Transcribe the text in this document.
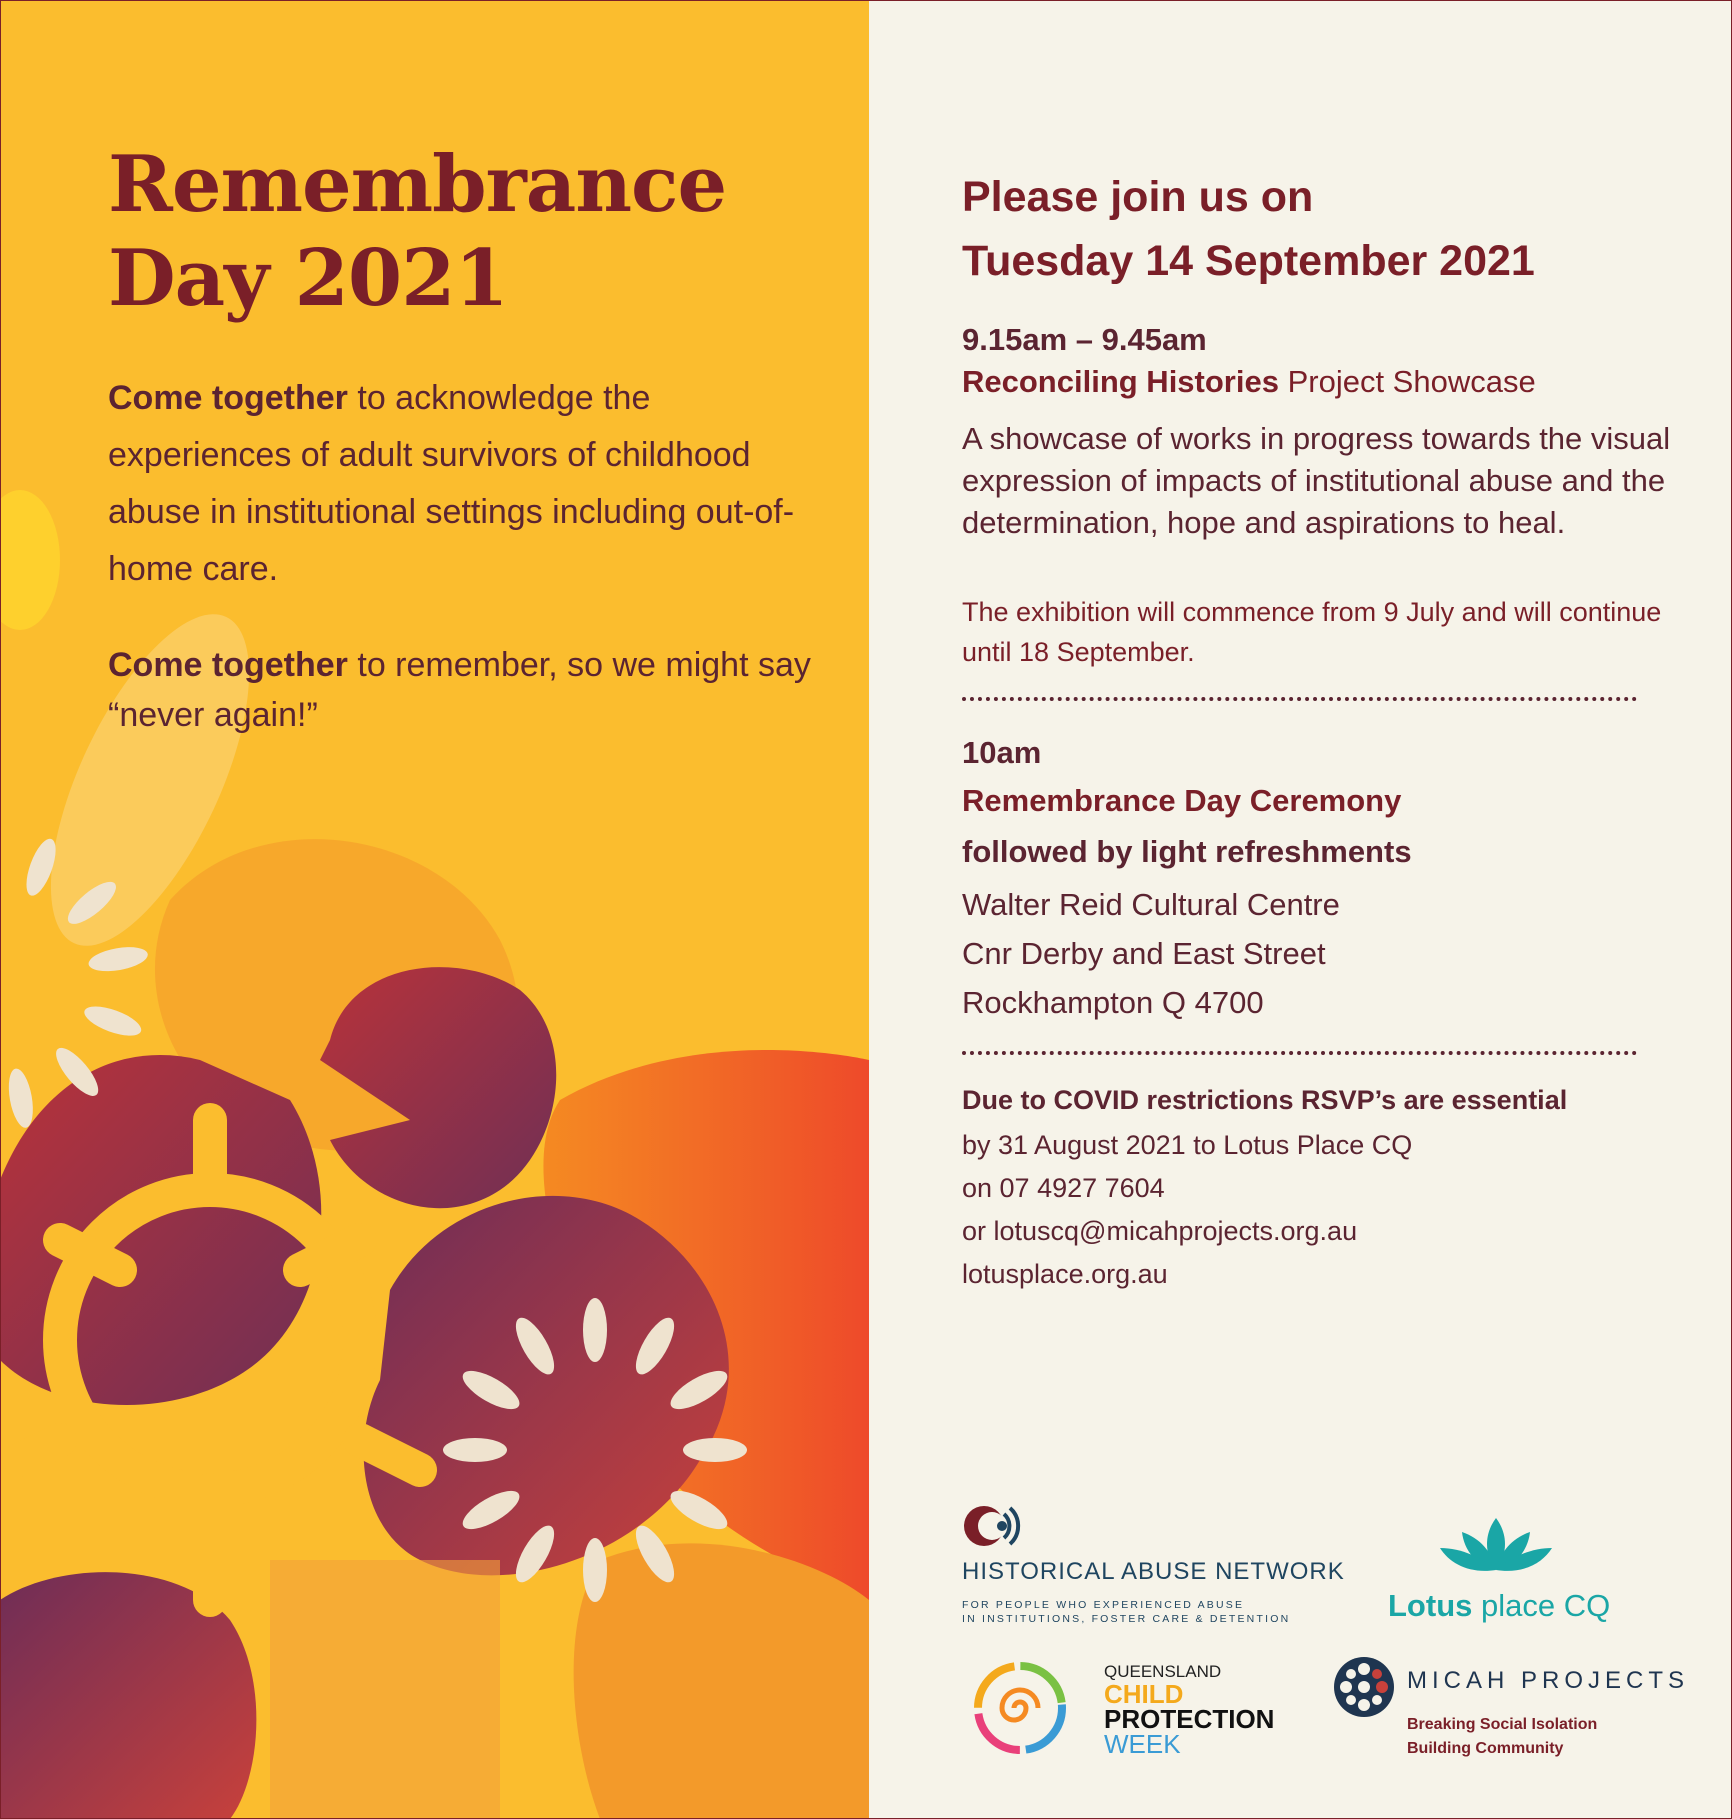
Remembrance
Day 2021

Come together to acknowledge the experiences of adult survivors of childhood abuse in institutional settings including out-of-home care.

Come together to remember, so we might say “never again!”

Please join us on
Tuesday 14 September 2021

9.15am – 9.45am

Reconciling Histories Project Showcase

A showcase of works in progress towards the visual expression of impacts of institutional abuse and the determination, hope and aspirations to heal.

The exhibition will commence from 9 July and will continue until 18 September.

10am

Remembrance Day Ceremony

followed by light refreshments

Walter Reid Cultural Centre
Cnr Derby and East Street
Rockhampton Q 4700

Due to COVID restrictions RSVP’s are essential

by 31 August 2021 to Lotus Place CQ
on 07 4927 7604
or lotuscq@micahprojects.org.au
lotusplace.org.au

HISTORICAL ABUSE NETWORK
FOR PEOPLE WHO EXPERIENCED ABUSE
IN INSTITUTIONS, FOSTER CARE & DETENTION	Lotus place CQ
QUEENSLAND
CHILD
PROTECTION
WEEK
MICAH PROJECTS
Breaking Social Isolation
Building Community
